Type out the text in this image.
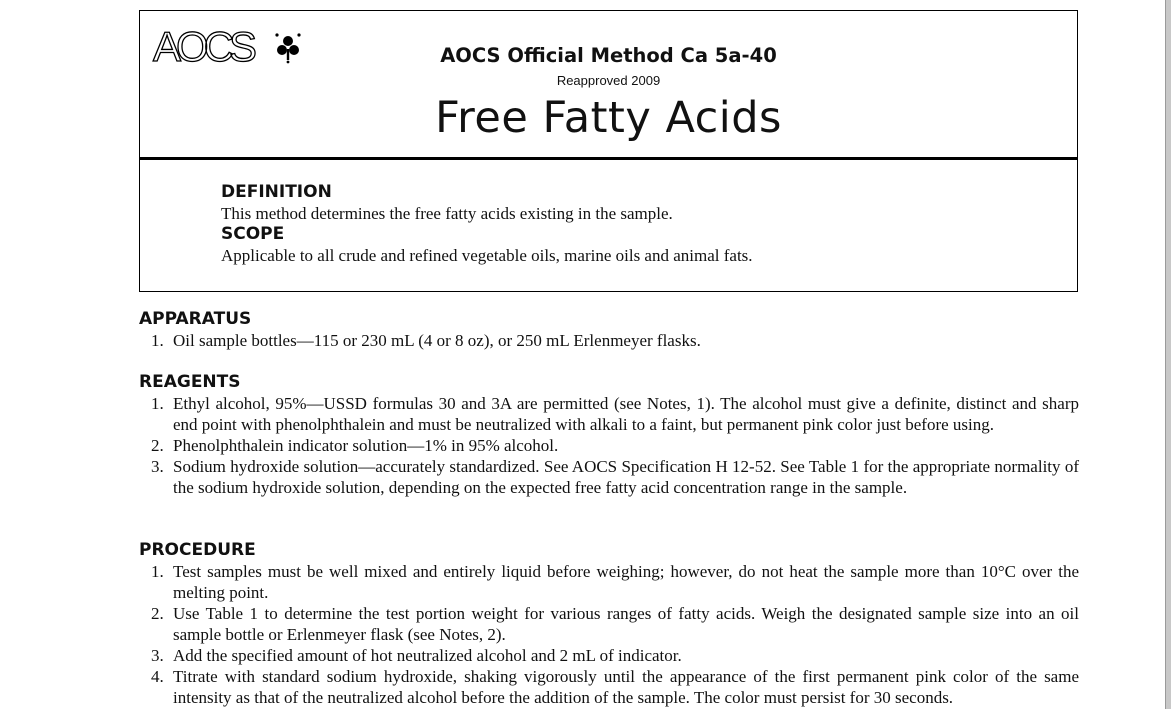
AOCS	AOCS Official Method Ca 5a-40
Reapproved 2009
Free Fatty Acids
DEFINITION
This method determines the free fatty acids existing in the sample.
SCOPE
Applicable to all crude and refined vegetable oils, marine oils and animal fats.
APPARATUS
1. Oil sample bottles—115 or 230 mL (4 or 8 oz), or 250 mL Erlenmeyer flasks.
REAGENTS
1. Ethyl alcohol, 95%—USSD formulas 30 and 3A are permitted (see Notes, 1). The alcohol must give a definite, distinct and sharp end point with phenolphthalein and must be neutralized with alkali to a faint, but permanent pink color just before using.
2. Phenolphthalein indicator solution—1% in 95% alcohol.
3. Sodium hydroxide solution—accurately standardized. See AOCS Specification H 12-52. See Table 1 for the appropriate normality of the sodium hydroxide solution, depending on the expected free fatty acid concentration range in the sample.
PROCEDURE
1. Test samples must be well mixed and entirely liquid before weighing; however, do not heat the sample more than 10°C over the melting point.
2. Use Table 1 to determine the test portion weight for various ranges of fatty acids. Weigh the designated sample size into an oil sample bottle or Erlenmeyer flask (see Notes, 2).
3. Add the specified amount of hot neutralized alcohol and 2 mL of indicator.
4. Titrate with standard sodium hydroxide, shaking vigorously until the appearance of the first permanent pink color of the same intensity as that of the neutralized alcohol before the addition of the sample. The color must persist for 30 seconds.
